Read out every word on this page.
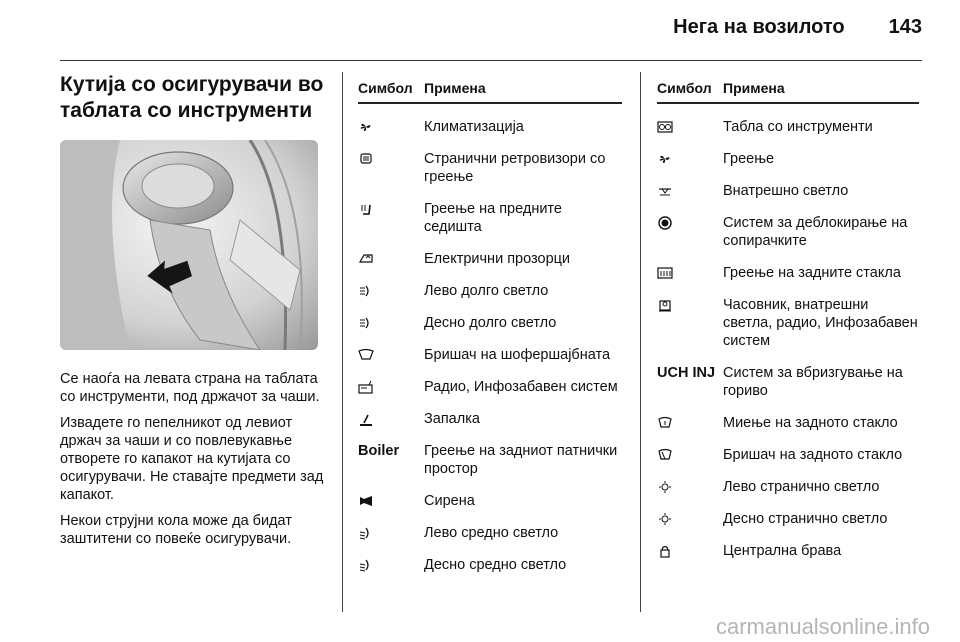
Нега на возилото 143
Кутија со осигурувачи во таблата со инструменти

Се наоѓа на левата страна на таблата со инструменти, под држачот за чаши.

Извадете го пепелникот од левиот држач за чаши и со повлевукавње отворете го капакот на кутијата со осигурувачи. Не ставајте предмети зад капакот.

Некои струјни кола може да бидат заштитени со повеќе осигурувачи.

Симбол Примена
Климатизација
Странични ретровизори со греење
Греење на предните седишта
Електрични прозорци
Лево долго светло
Десно долго светло
Бришач на шофершајбната
Радио, Инфозабавен систем
Запалка
Boiler Греење на задниот патнички простор
Сирена
Лево средно светло
Десно средно светло
Симбол Примена
Табла со инструменти
Греење
Внатрешно светло
Систем за деблокирање на сопирачките
Греење на задните стакла
Часовник, внатрешни светла, радио, Инфозабавен систем
UCH INJ Систем за вбризгување на гориво
Миење на задното стакло
Бришач на задното стакло
Лево странично светло
Десно странично светло
Централна брава
carmanualsonline.info
